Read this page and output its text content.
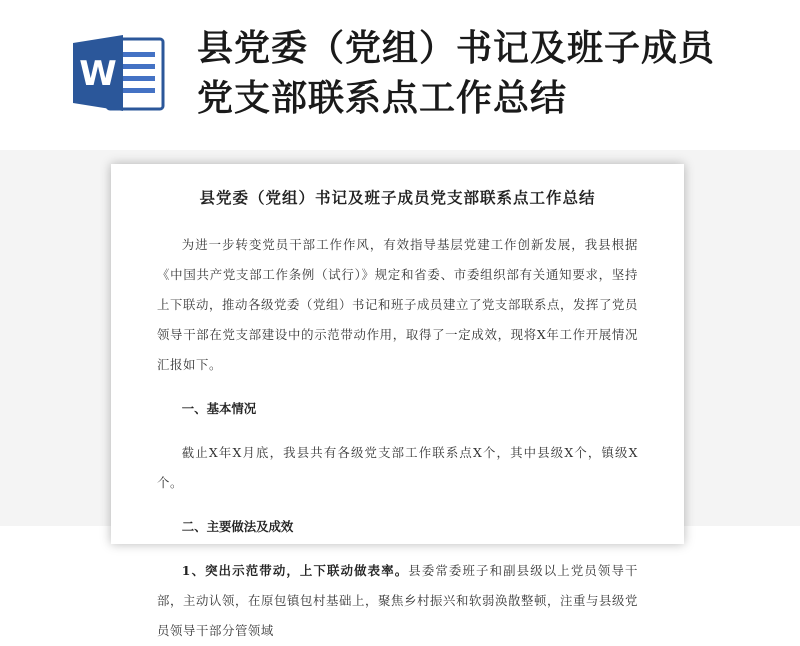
W
县党委（党组）书记及班子成员
党支部联系点工作总结
县党委（党组）书记及班子成员党支部联系点工作总结

为进一步转变党员干部工作作风，有效指导基层党建工作创新发展，我县根据《中国共产党支部工作条例（试行）》规定和省委、市委组织部有关通知要求，坚持上下联动，推动各级党委（党组）书记和班子成员建立了党支部联系点，发挥了党员领导干部在党支部建设中的示范带动作用，取得了一定成效，现将X年工作开展情况汇报如下。

一、基本情况

截止X年X月底，我县共有各级党支部工作联系点X个，其中县级X个，镇级X个。

二、主要做法及成效

1、突出示范带动，上下联动做表率。县委常委班子和副县级以上党员领导干部，主动认领，在原包镇包村基础上，聚焦乡村振兴和软弱涣散整顿，注重与县级党员领导干部分管领域
